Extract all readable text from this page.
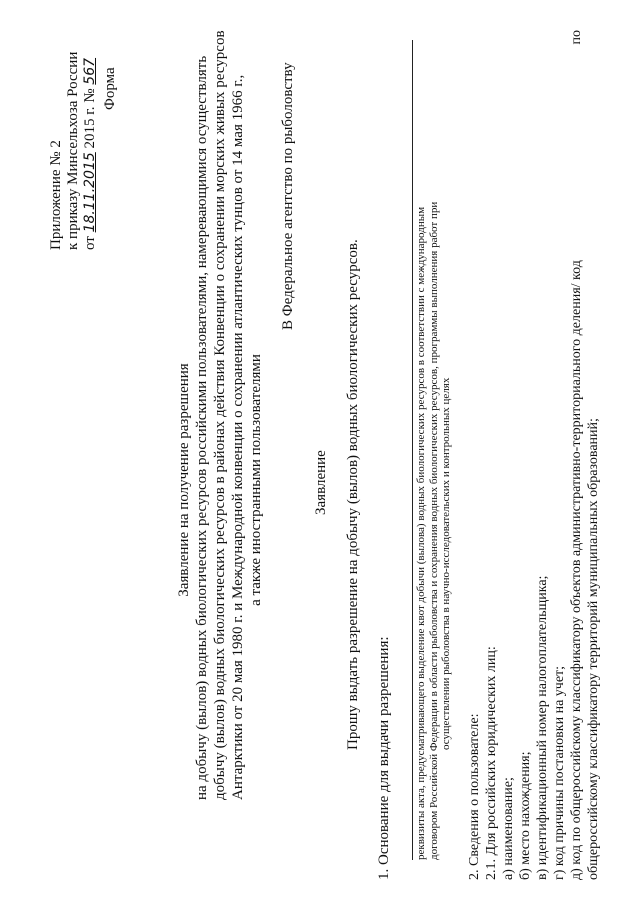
Приложение № 2 к приказу Минсельхоза России от 18.11.2015 2015 г. № 567 Форма
Заявление на получение разрешения на добычу (вылов) водных биологических ресурсов российскими пользователями, намеревающимися осуществлять добычу (вылов) водных биологических ресурсов в районах действия Конвенции о сохранении морских живых ресурсов Антарктики от 20 мая 1980 г. и Международной конвенции о сохранении атлантических тунцов от 14 мая 1966 г., а также иностранными пользователями
В Федеральное агентство по рыболовству
Заявление Прошу выдать разрешение на добычу (вылов) водных биологических ресурсов.
1. Основание для выдачи разрешения: реквизиты акта, предусматривающего выделение квот добычи (вылова) водных биологических ресурсов в соответствии с международным договором Российской Федерации в области рыболовства и сохранения водных биологических ресурсов, программы выполнения работ при осуществлении рыболовства в научно-исследовательских и контрольных целях
2. Сведения о пользователе: 2.1. Для российских юридических лиц: а) наименование; б) место нахождения; в) идентификационный номер налогоплательщика; г) код причины постановки на учет; д) код по общероссийскому классификатору объектов административно-территориального деления/ код
по
общероссийскому классификатору территорий муниципальных образований;
